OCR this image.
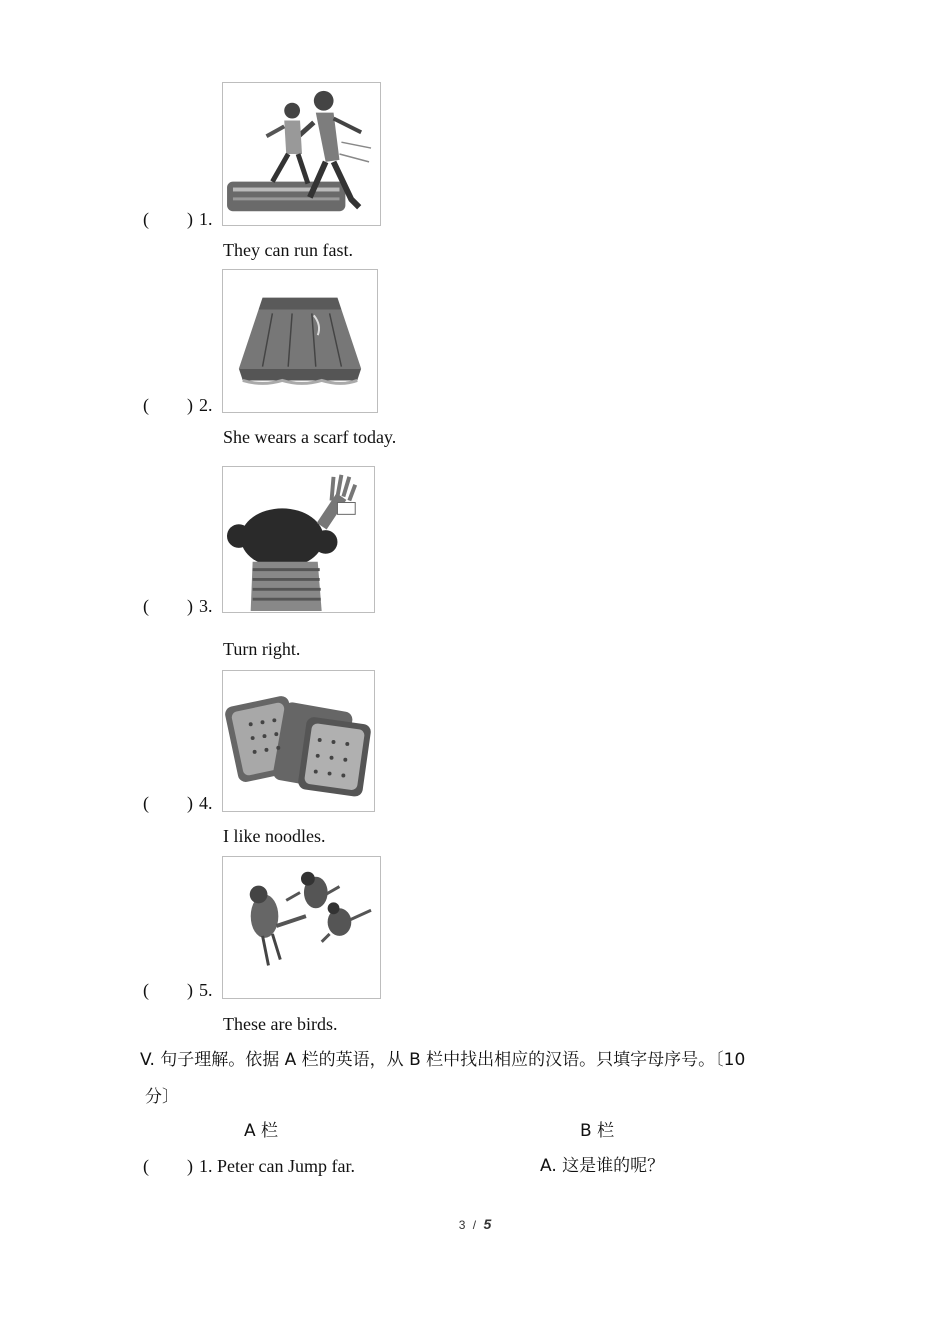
( ) 1.
They can run fast.
( ) 2.
She wears a scarf today.
( ) 3.
Turn right.
( ) 4.
I like noodles.
( ) 5.
These are birds.
V. 句子理解。依据 A 栏的英语，从 B 栏中找出相应的汉语。只填字母序号。〔10
分〕
A 栏	B 栏
( ) 1. Peter can Jump far.	A. 这是谁的呢？
3 / 5
